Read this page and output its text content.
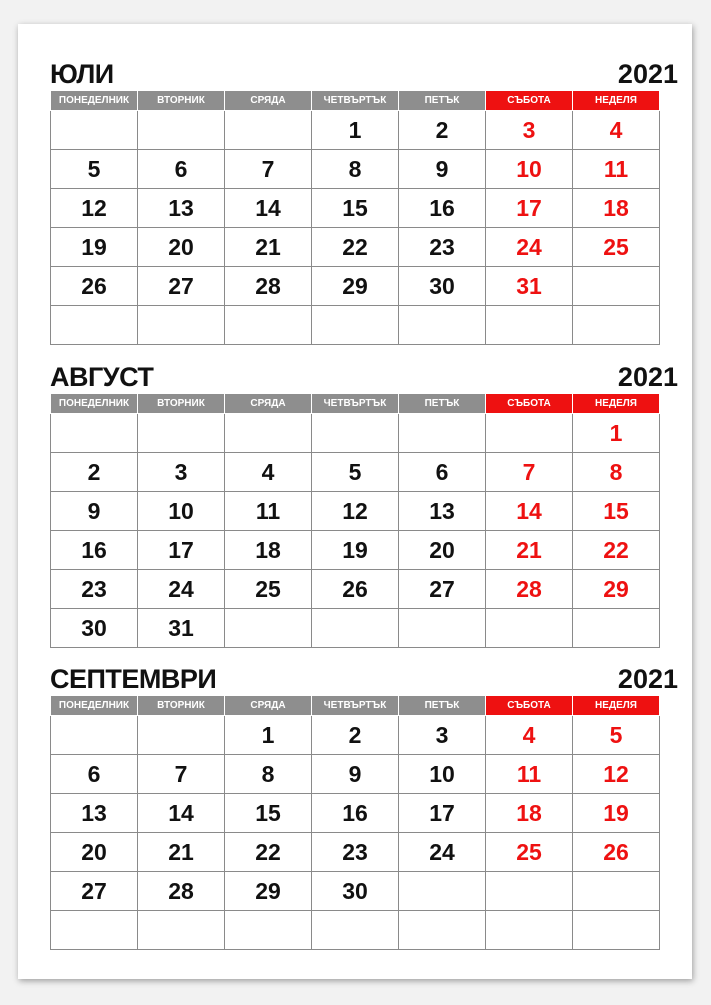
ЮЛИ	2021
ПОНЕДЕЛНИК	ВТОРНИК	СРЯДА	ЧЕТВЪРТЪК	ПЕТЪК	СЪБОТА	НЕДЕЛЯ
			1	2	3	4
5	6	7	8	9	10	11
12	13	14	15	16	17	18
19	20	21	22	23	24	25
26	27	28	29	30	31	

АВГУСТ	2021
ПОНЕДЕЛНИК	ВТОРНИК	СРЯДА	ЧЕТВЪРТЪК	ПЕТЪК	СЪБОТА	НЕДЕЛЯ
						1
2	3	4	5	6	7	8
9	10	11	12	13	14	15
16	17	18	19	20	21	22
23	24	25	26	27	28	29
30	31					
СЕПТЕМВРИ	2021
ПОНЕДЕЛНИК	ВТОРНИК	СРЯДА	ЧЕТВЪРТЪК	ПЕТЪК	СЪБОТА	НЕДЕЛЯ
		1	2	3	4	5
6	7	8	9	10	11	12
13	14	15	16	17	18	19
20	21	22	23	24	25	26
27	28	29	30			
